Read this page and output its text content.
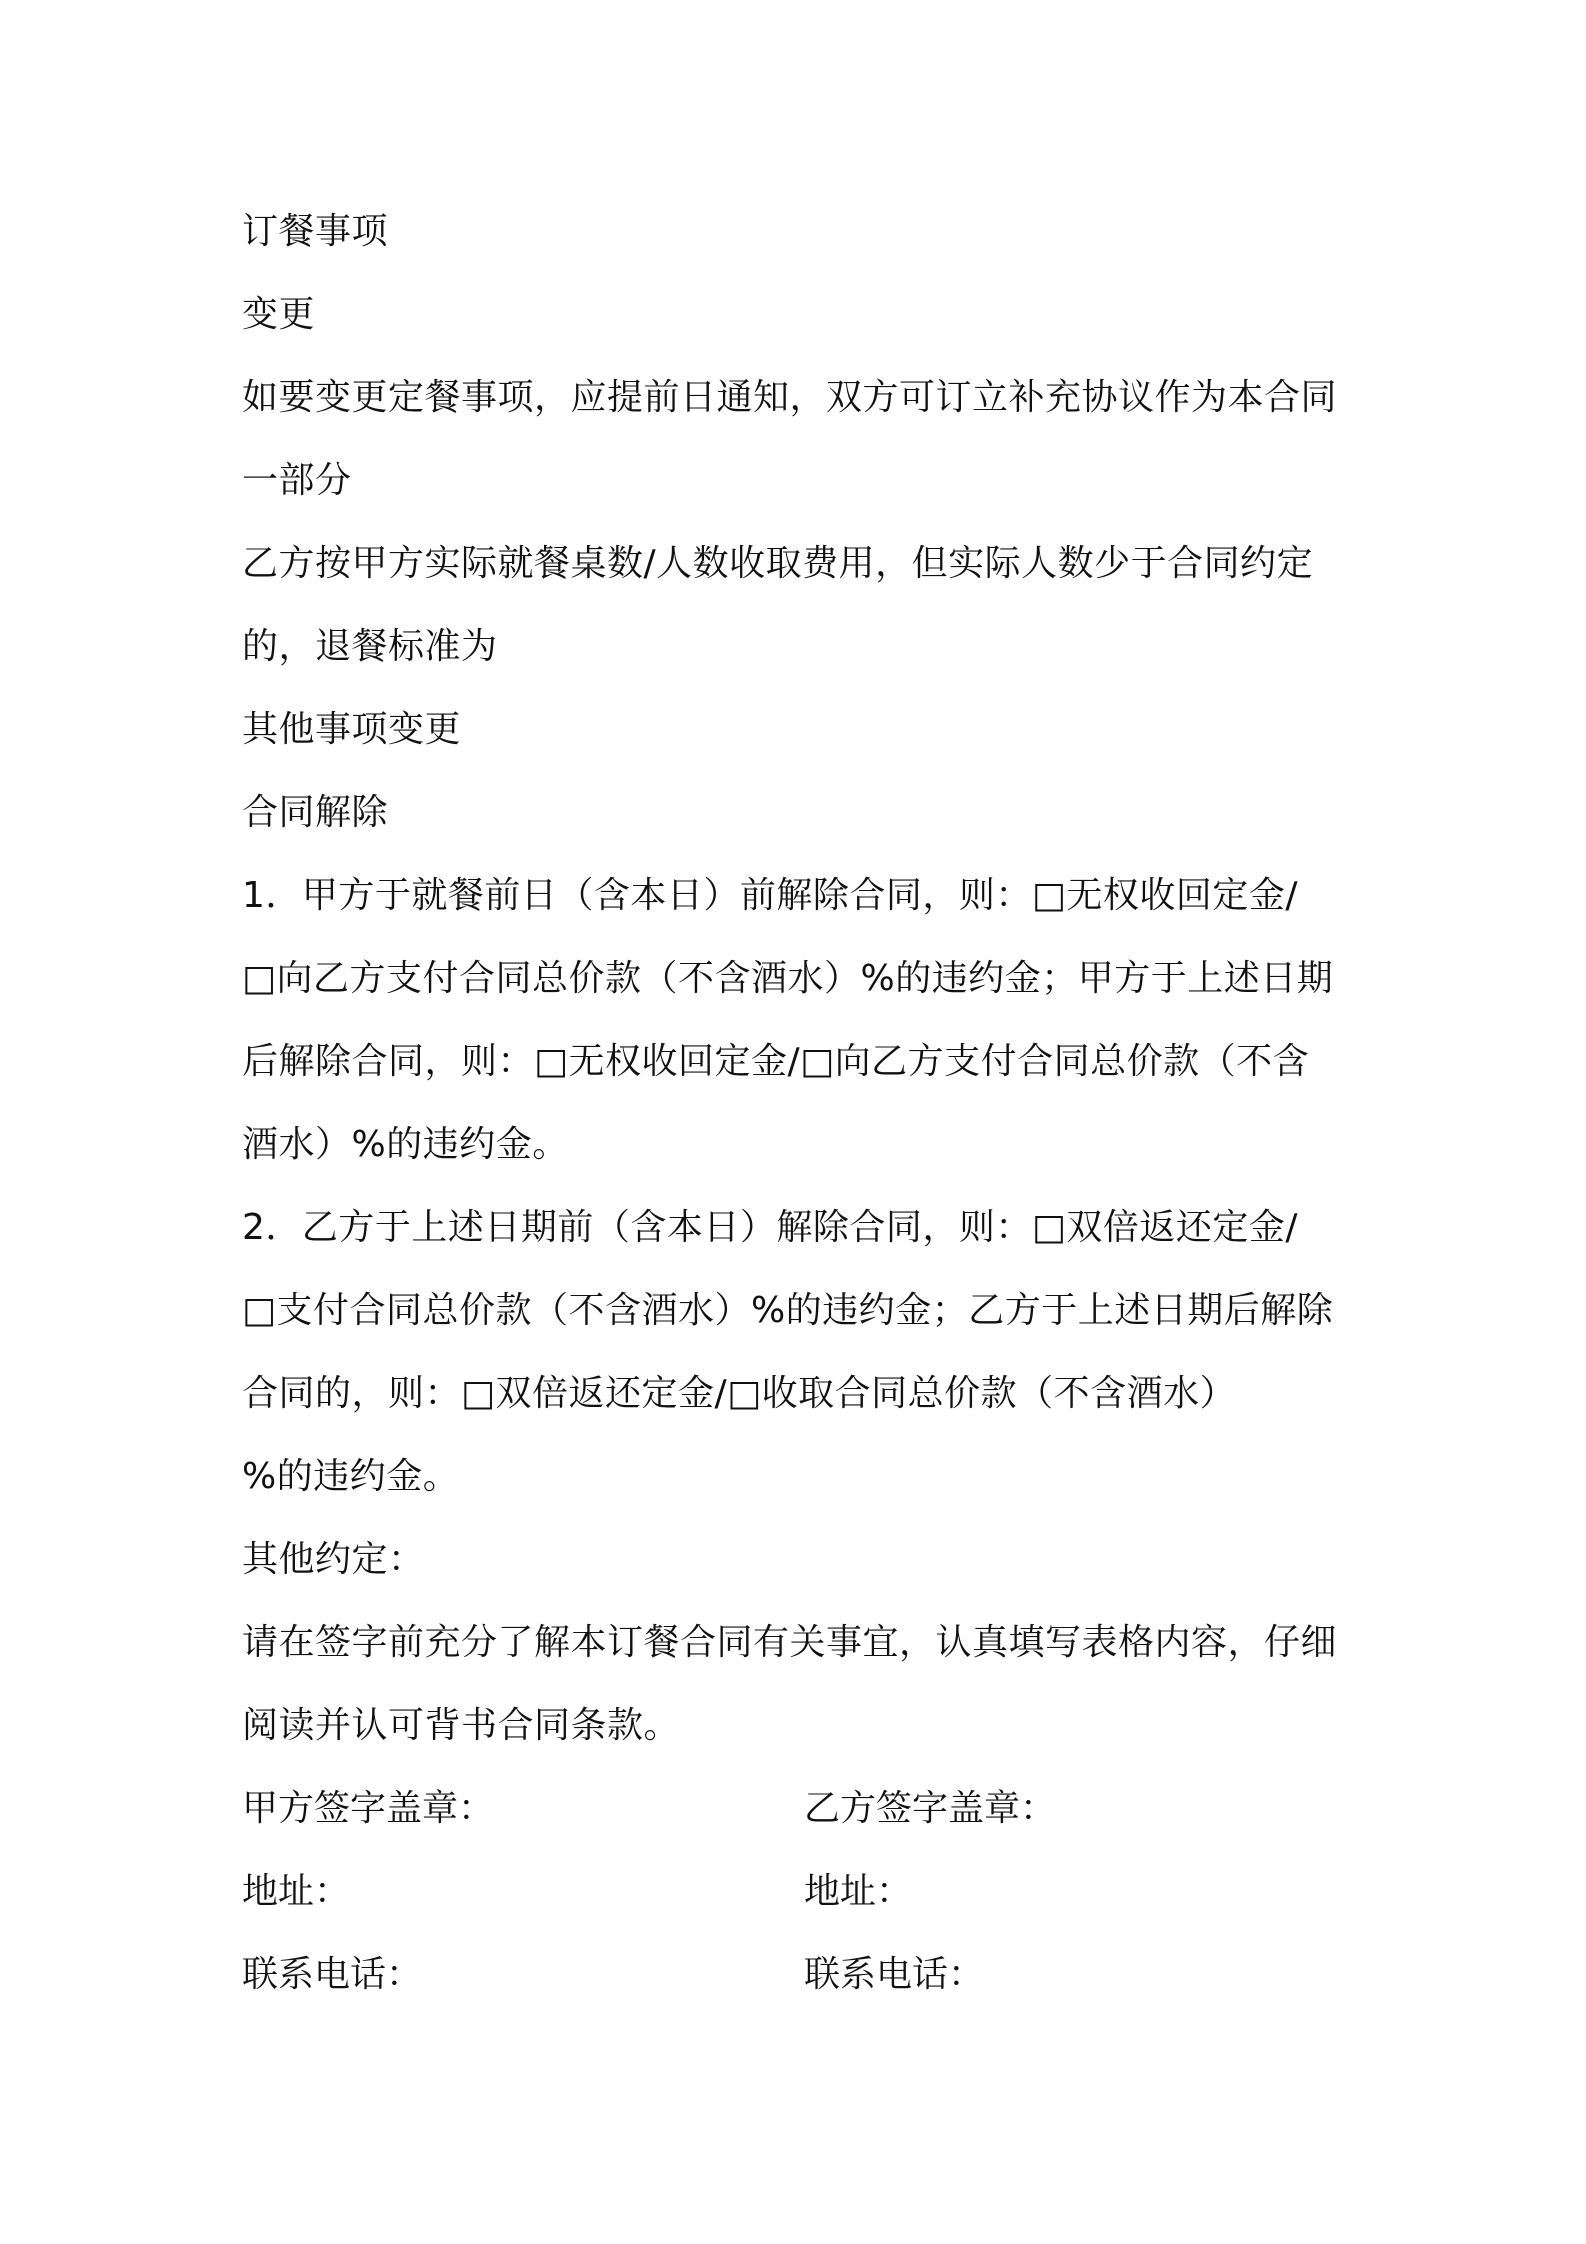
订餐事项
变更
如要变更定餐事项，应提前日通知，双方可订立补充协议作为本合同
一部分
乙方按甲方实际就餐桌数/人数收取费用，但实际人数少于合同约定
的，退餐标准为
其他事项变更
合同解除
1．甲方于就餐前日（含本日）前解除合同，则：□无权收回定金/
□向乙方支付合同总价款（不含酒水）%的违约金；甲方于上述日期
后解除合同，则：□无权收回定金/□向乙方支付合同总价款（不含
酒水）%的违约金。
2．乙方于上述日期前（含本日）解除合同，则：□双倍返还定金/
□支付合同总价款（不含酒水）%的违约金；乙方于上述日期后解除
合同的，则：□双倍返还定金/□收取合同总价款（不含酒水）
%的违约金。
其他约定：
请在签字前充分了解本订餐合同有关事宜，认真填写表格内容，仔细
阅读并认可背书合同条款。
甲方签字盖章：	乙方签字盖章：
地址：	地址：
联系电话：	联系电话：
